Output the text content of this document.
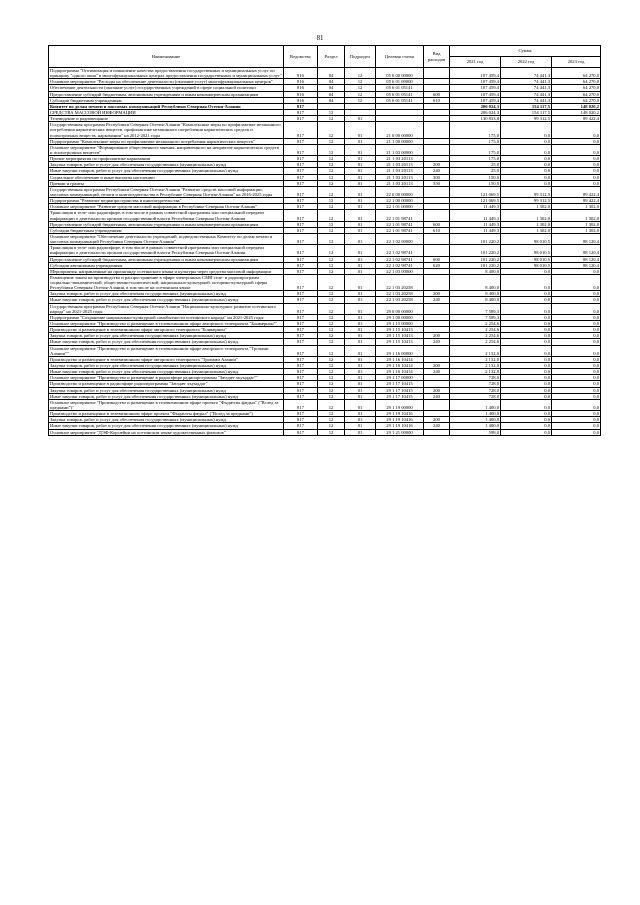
81
Наименование	Ведомство	Раздел	Подраздел	Целевая статья	Вид расходов	Сумма		
						2021 год	2022 год	2023 год
Подпрограмма "Оптимизация и повышение качества предоставления государственных и муниципальных услуг по принципу "одного окна" в многофункциональных центрах предоставления государственных и муниципальных услуг"	816	04	12	05 6 00 00000		107 459,4	74 441,3	64 270,0
Основное мероприятие "Расходы на обеспечение деятельности (оказание услуг) многофункциональных центров"	816	04	12	05 6 01 00000		107 459,4	74 441,3	64 270,0
Обеспечение деятельности (оказание услуг) государственных учреждений в сфере социальной политики	816	04	12	05 6 01 05141		107 459,4	74 441,3	64 270,0
Предоставление субсидий бюджетным, автономным учреждениям и иным некоммерческим организациям	816	04	12	05 6 01 05141	600	107 459,4	74 441,3	64 270,0
Субсидии бюджетным учреждениям	816	04	12	05 6 01 05141	610	107 459,4	74 441,3	64 270,0
Комитет по делам печати и массовых коммуникаций Республики Северная Осетия-Алания	817					206 024,3	154 117,5	148 020,2
СРЕДСТВА МАССОВОЙ ИНФОРМАЦИИ	817	12				206 024,3	154 117,5	148 020,2
Телевидение и радиовещание	817	12	01			130 833,8	99 312,5	89 422,4
Государственная программа Республики Северная Осетия-Алания "Комплексные меры по профилактике незаконного потребления наркотических веществ, профилактике незаконного потребления наркотических средств и психотропных веществ, наркомании" на 2012-2021 годы	817	12	01	21 0 00 00000		175,0	0,0	0,0
Подпрограмма "Комплексные меры по профилактике незаконного потребления наркотических веществ"	817	12	01	21 1 00 00000		175,0	0,0	0,0
Основное мероприятие "Формирование общественного мнения, направленного на неприятие наркотических средств и психотропных веществ"	817	12	01	21 1 03 00000		175,0	0,0	0,0
Прочие мероприятия по профилактике наркомании	817	12	01	21 1 03 20113		175,0	0,0	0,0
Закупка товаров, работ и услуг для обеспечения государственных (муниципальных) нужд	817	12	01	21 1 03 20113	200	25,0	0,0	0,0
Иные закупки товаров, работ и услуг для обеспечения государственных (муниципальных) нужд	817	12	01	21 1 03 20113	240	25,0	0,0	0,0
Социальное обеспечение и иные выплаты населению	817	12	01	21 1 03 20113	300	150,0	0,0	0,0
Премии и гранты	817	12	01	21 1 03 20113	350	150,0	0,0	0,0
Государственная программа Республики Северная Осетия-Алания "Развитие средств массовой информации, массовых коммуникаций, печати и книгоиздательства в Республике Северная Осетия-Алания" на 2016-2025 годы	817	12	01	22 0 00 00000		121 069,5	99 312,5	89 422,4
Подпрограмма "Развитие медиапространства и книгоиздательства"	817	12	01	22 1 00 00000		121 069,5	99 312,5	89 422,4
Основное мероприятие "Развитие средств массовой информации в Республике Северная Осетия-Алания"	817	12	01	22 1 01 00000		11 449,3	1 302,0	1 302,0
Трансляция в теле- или радиоэфире, в том числе в рамках совместной программы или специальной передачи информации о деятельности органов государственной власти Республики Северная Осетия-Алания	817	12	01	22 1 01 98741		11 449,3	1 302,0	1 302,0
Предоставление субсидий бюджетным, автономным учреждениям и иным некоммерческим организациям	817	12	01	22 1 01 98741	600	11 449,3	1 302,0	1 302,0
Субсидии бюджетным учреждениям	817	12	01	22 1 01 98741	610	11 449,3	1 302,0	1 302,0
Основное мероприятие "Обеспечение деятельности учреждений, подведомственных Комитету по делам печати и массовых коммуникаций Республики Северная Осетия-Алания"	817	12	01	22 1 02 00000		101 220,2	98 010,5	88 120,4
Трансляция в теле- или радиоэфире, в том числе в рамках совместной программы или специальной передачи информации о деятельности органов государственной власти Республики Северная Осетия-Алания	817	12	01	22 1 02 98741		101 220,2	98 010,5	88 120,4
Предоставление субсидий бюджетным, автономным учреждениям и иным некоммерческим организациям	817	12	01	22 1 02 98741	600	101 220,2	98 010,5	88 120,4
Субсидии автономным учреждениям	817	12	01	22 1 02 98741	620	101 220,2	98 010,5	88 120,4
Мероприятия, направленные на пропаганду осетинского языка и культуры через средства массовой информации	817	12	01	22 1 03 00000		8 400,0	0,0	0,0
Размещение заказа на производство и распространение в эфире электронных СМИ теле- и радиопрограмм социально-экономической, общественно-политической, национально-культурной, историко-культурной сферы Республики Северная Осетия-Алания, в том числе на осетинском языке	817	12	01	22 1 03 20258		8 400,0	0,0	0,0
Закупка товаров, работ и услуг для обеспечения государственных (муниципальных) нужд	817	12	01	22 1 03 20258	200	8 400,0	0,0	0,0
Иные закупки товаров, работ и услуг для обеспечения государственных (муниципальных) нужд	817	12	01	22 1 03 20258	240	8 400,0	0,0	0,0
Государственная программа Республики Северная Осетия-Алания "Национально-культурное развитие осетинского народа" на 2021-2025 годы	817	12	01	29 0 00 00000		7 589,3	0,0	0,0
Подпрограмма "Сохранение национально-культурной самобытности осетинского народа" на 2021-2025 годы	817	12	01	29 1 00 00000		7 589,3	0,0	0,0
Основное мероприятие "Производство и размещение в телевизионном эфире авторского телепроекта "Бонвæрнон""	817	12	01	29 1 15 00000		2 254,6	0,0	0,0
Производство и размещение в телевизионном эфире авторского телепроекта "Бонвæрнон"	817	12	01	29 1 15 10413		2 254,6	0,0	0,0
Закупка товаров, работ и услуг для обеспечения государственных (муниципальных) нужд	817	12	01	29 1 15 10413	200	2 254,6	0,0	0,0
Иные закупки товаров, работ и услуг для обеспечения государственных (муниципальных) нужд	817	12	01	29 1 15 10413	240	2 254,6	0,0	0,0
Основное мероприятие "Производство и размещение в телевизионном эфире авторского телепроекта "Тропами Алании""	817	12	01	29 1 16 00000		2 132,0	0,0	0,0
Производство и размещение в телевизионном эфире авторского телепроекта "Тропами Алании"	817	12	01	29 1 16 10414		2 132,0	0,0	0,0
Закупка товаров, работ и услуг для обеспечения государственных (муниципальных) нужд	817	12	01	29 1 16 10414	200	2 132,0	0,0	0,0
Иные закупки товаров, работ и услуг для обеспечения государственных (муниципальных) нужд	817	12	01	29 1 16 10414	240	2 132,0	0,0	0,0
Основное мероприятие "Производство и размещение в радиоэфире радиопрограммы "Зæлдæг хъуыддаг""	817	12	01	29 1 17 00000		728,0	0,0	0,0
Производство и размещение в радиоэфире радиопрограммы "Зæлдæг хъуыддаг"	817	12	01	29 1 17 10415		728,0	0,0	0,0
Закупка товаров, работ и услуг для обеспечения государственных (муниципальных) нужд	817	12	01	29 1 17 10415	200	728,0	0,0	0,0
Иные закупки товаров, работ и услуг для обеспечения государственных (муниципальных) нужд	817	12	01	29 1 17 10415	240	728,0	0,0	0,0
Основное мероприятие "Производство и размещение в телевизионном эфире проекта "Фыдæлты фæдыл" ("Вслед за предками")"	817	12	01	29 1 19 00000		1 400,0	0,0	0,0
Производство и размещение в телевизионном эфире проекта "Фыдæлты фæдыл" ("Вслед за предками")	817	12	01	29 1 19 10416		1 400,0	0,0	0,0
Закупка товаров, работ и услуг для обеспечения государственных (муниципальных) нужд	817	12	01	29 1 19 10416	200	1 400,0	0,0	0,0
Иные закупки товаров, работ и услуг для обеспечения государственных (муниципальных) нужд	817	12	01	29 1 19 10416	240	1 400,0	0,0	0,0
Основное мероприятие "ДЭФ-Корсæйни на осетинском языке художественных фильмов"	817	12	01	29 1 21 00000		598,0	0,0	0,0
